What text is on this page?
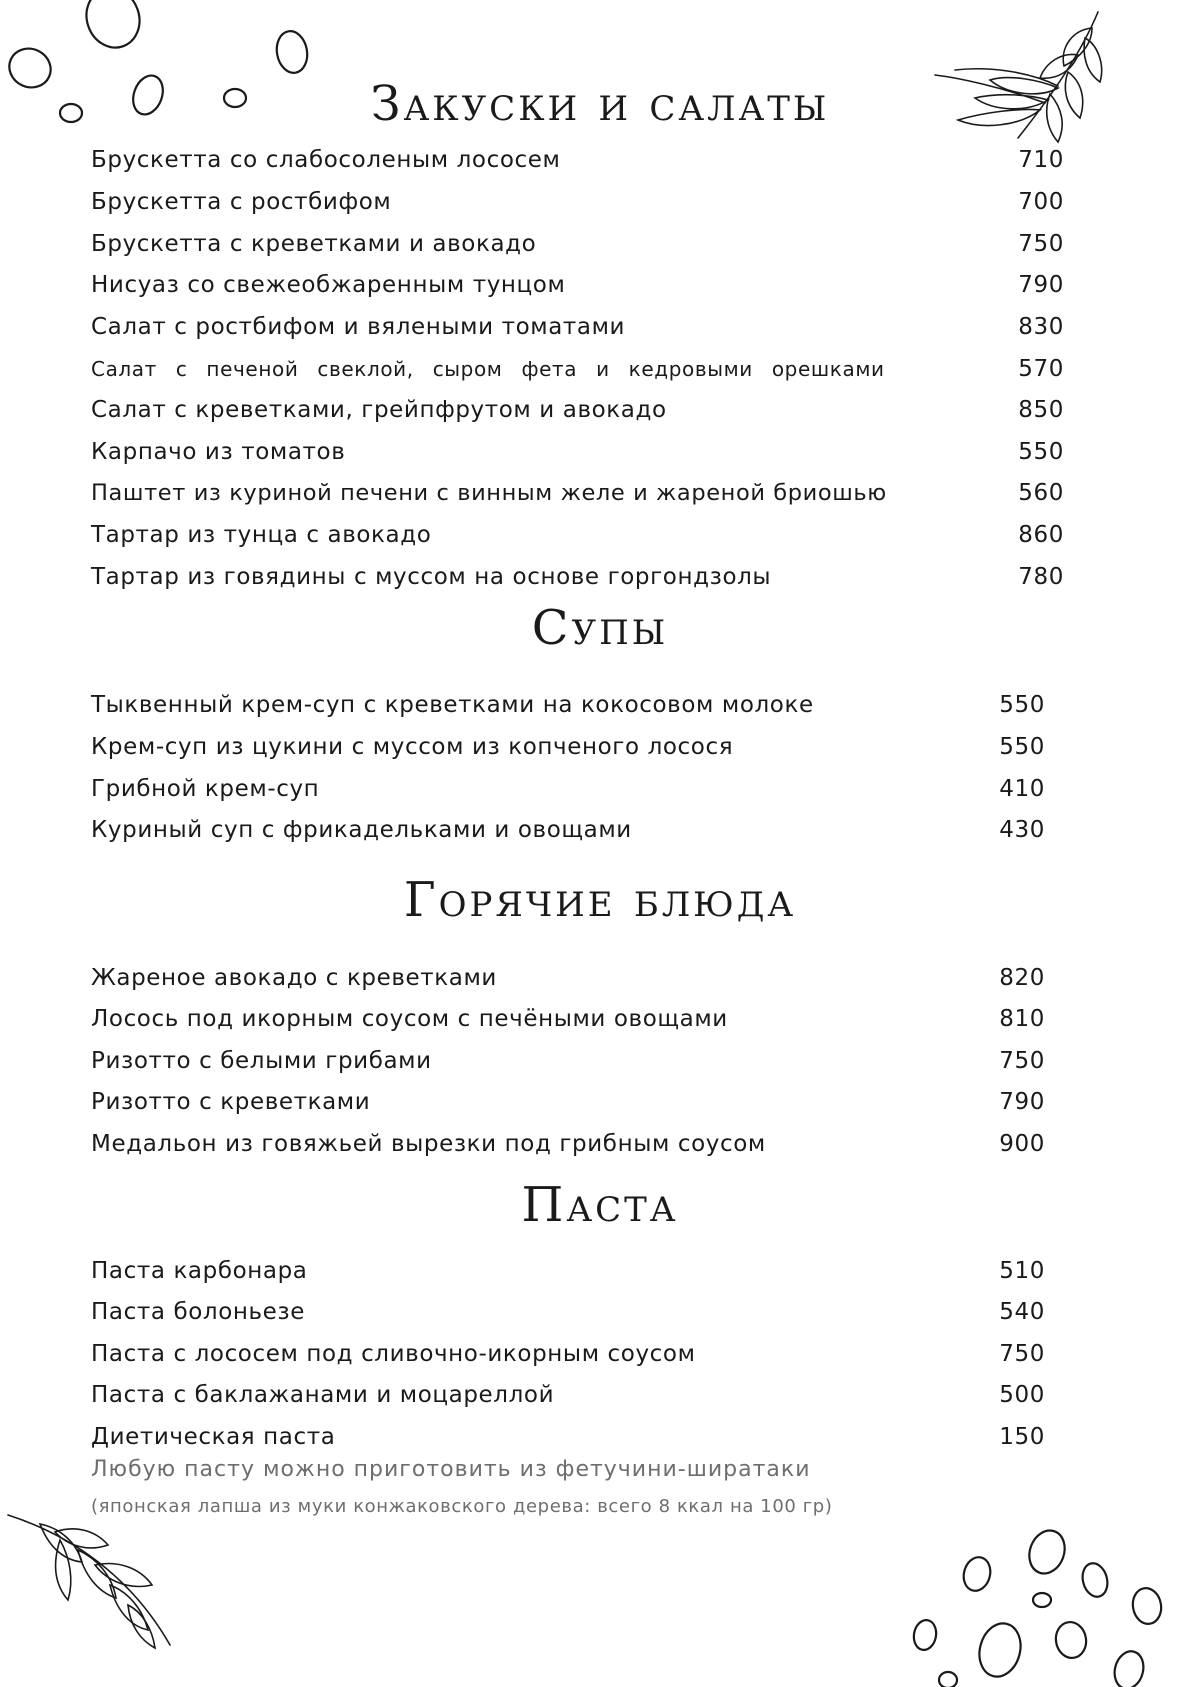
Закуски и салаты
Супы
Горячие блюда
Паста
Брускетта со слабосоленым лососем	710
Брускетта с ростбифом	700
Брускетта с креветками и авокадо	750
Нисуаз со свежеобжаренным тунцом	790
Салат с ростбифом и вялеными томатами	830
Салат с печеной свеклой, сыром фета и кедровыми орешками	570
Салат с креветками, грейпфрутом и авокадо	850
Карпачо из томатов	550
Паштет из куриной печени с винным желе и жареной бриошью	560
Тартар из тунца с авокадо	860
Тартар из говядины с муссом на основе горгондзолы	780
Тыквенный крем-суп с креветками на кокосовом молоке	550
Крем-суп из цукини с муссом из копченого лосося	550
Грибной крем-суп	410
Куриный суп с фрикадельками и овощами	430
Жареное авокадо с креветками	820
Лосось под икорным соусом с печёными овощами	810
Ризотто с белыми грибами	750
Ризотто с креветками	790
Медальон из говяжьей вырезки под грибным соусом	900
Паста карбонара	510
Паста болоньезе	540
Паста с лососем под сливочно-икорным соусом	750
Паста с баклажанами и моцареллой	500
Диетическая паста	150
Любую пасту можно приготовить из фетучини-ширатаки
(японская лапша из муки конжаковского дерева: всего 8 ккал на 100 гр)
